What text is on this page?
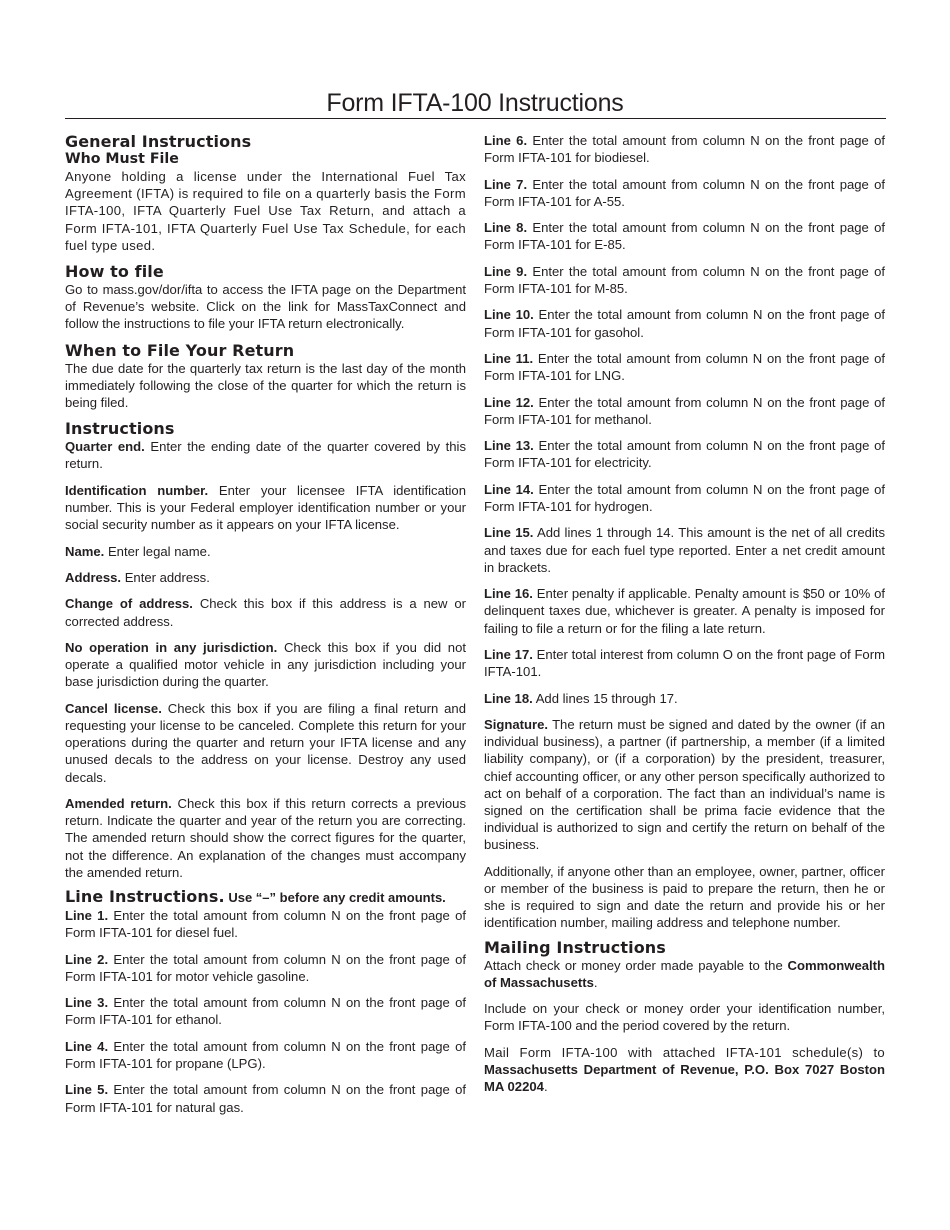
Form IFTA-100 Instructions
General Instructions
Who Must File

Anyone holding a license under the International Fuel Tax Agreement (IFTA) is required to file on a quarterly basis the Form IFTA-100, IFTA Quarterly Fuel Use Tax Return, and attach a Form IFTA-101, IFTA Quarterly Fuel Use Tax Schedule, for each fuel type used.

How to file

Go to mass.gov/dor/ifta to access the IFTA page on the Department of Revenue’s website. Click on the link for MassTaxConnect and follow the instructions to file your IFTA return electronically.

When to File Your Return

The due date for the quarterly tax return is the last day of the month immediately following the close of the quarter for which the return is being filed.

Instructions

Quarter end. Enter the ending date of the quarter covered by this return.

Identification number. Enter your licensee IFTA identification number. This is your Federal employer identification number or your social security number as it appears on your IFTA license.

Name. Enter legal name.

Address. Enter address.

Change of address. Check this box if this address is a new or corrected address.

No operation in any jurisdiction. Check this box if you did not operate a qualified motor vehicle in any jurisdiction including your base jurisdiction during the quarter.

Cancel license. Check this box if you are filing a final return and requesting your license to be canceled. Complete this return for your operations during the quarter and return your IFTA license and any unused decals to the address on your license. Destroy any used decals.

Amended return. Check this box if this return corrects a previous return. Indicate the quarter and year of the return you are correcting. The amended return should show the correct figures for the quarter, not the difference. An explanation of the changes must accompany the amended return.

Line Instructions. Use “–” before any credit amounts.

Line 1. Enter the total amount from column N on the front page of Form IFTA-101 for diesel fuel.

Line 2. Enter the total amount from column N on the front page of Form IFTA-101 for motor vehicle gasoline.

Line 3. Enter the total amount from column N on the front page of Form IFTA-101 for ethanol.

Line 4. Enter the total amount from column N on the front page of Form IFTA-101 for propane (LPG).

Line 5. Enter the total amount from column N on the front page of Form IFTA-101 for natural gas.

Line 6. Enter the total amount from column N on the front page of Form IFTA-101 for biodiesel.

Line 7. Enter the total amount from column N on the front page of Form IFTA-101 for A-55.

Line 8. Enter the total amount from column N on the front page of Form IFTA-101 for E-85.

Line 9. Enter the total amount from column N on the front page of Form IFTA-101 for M-85.

Line 10. Enter the total amount from column N on the front page of Form IFTA-101 for gasohol.

Line 11. Enter the total amount from column N on the front page of Form IFTA-101 for LNG.

Line 12. Enter the total amount from column N on the front page of Form IFTA-101 for methanol.

Line 13. Enter the total amount from column N on the front page of Form IFTA-101 for electricity.

Line 14. Enter the total amount from column N on the front page of Form IFTA-101 for hydrogen.

Line 15. Add lines 1 through 14. This amount is the net of all credits and taxes due for each fuel type reported. Enter a net credit amount in brackets.

Line 16. Enter penalty if applicable. Penalty amount is $50 or 10% of delinquent taxes due, whichever is greater. A penalty is imposed for failing to file a return or for the filing a late return.

Line 17. Enter total interest from column O on the front page of Form IFTA-101.

Line 18. Add lines 15 through 17.

Signature. The return must be signed and dated by the owner (if an individual business), a partner (if partnership, a member (if a limited liability company), or (if a corporation) by the president, treasurer, chief accounting officer, or any other person specifically authorized to act on behalf of a corporation. The fact than an individual’s name is signed on the certification shall be prima facie evidence that the individual is authorized to sign and certify the return on behalf of the business.

Additionally, if anyone other than an employee, owner, partner, officer or member of the business is paid to prepare the return, then he or she is required to sign and date the return and provide his or her identification number, mailing address and telephone number.

Mailing Instructions

Attach check or money order made payable to the Commonwealth of Massachusetts.

Include on your check or money order your identification number, Form IFTA-100 and the period covered by the return.

Mail Form IFTA-100 with attached IFTA-101 schedule(s) to Massachusetts Department of Revenue, P.O. Box 7027 Boston MA 02204.
